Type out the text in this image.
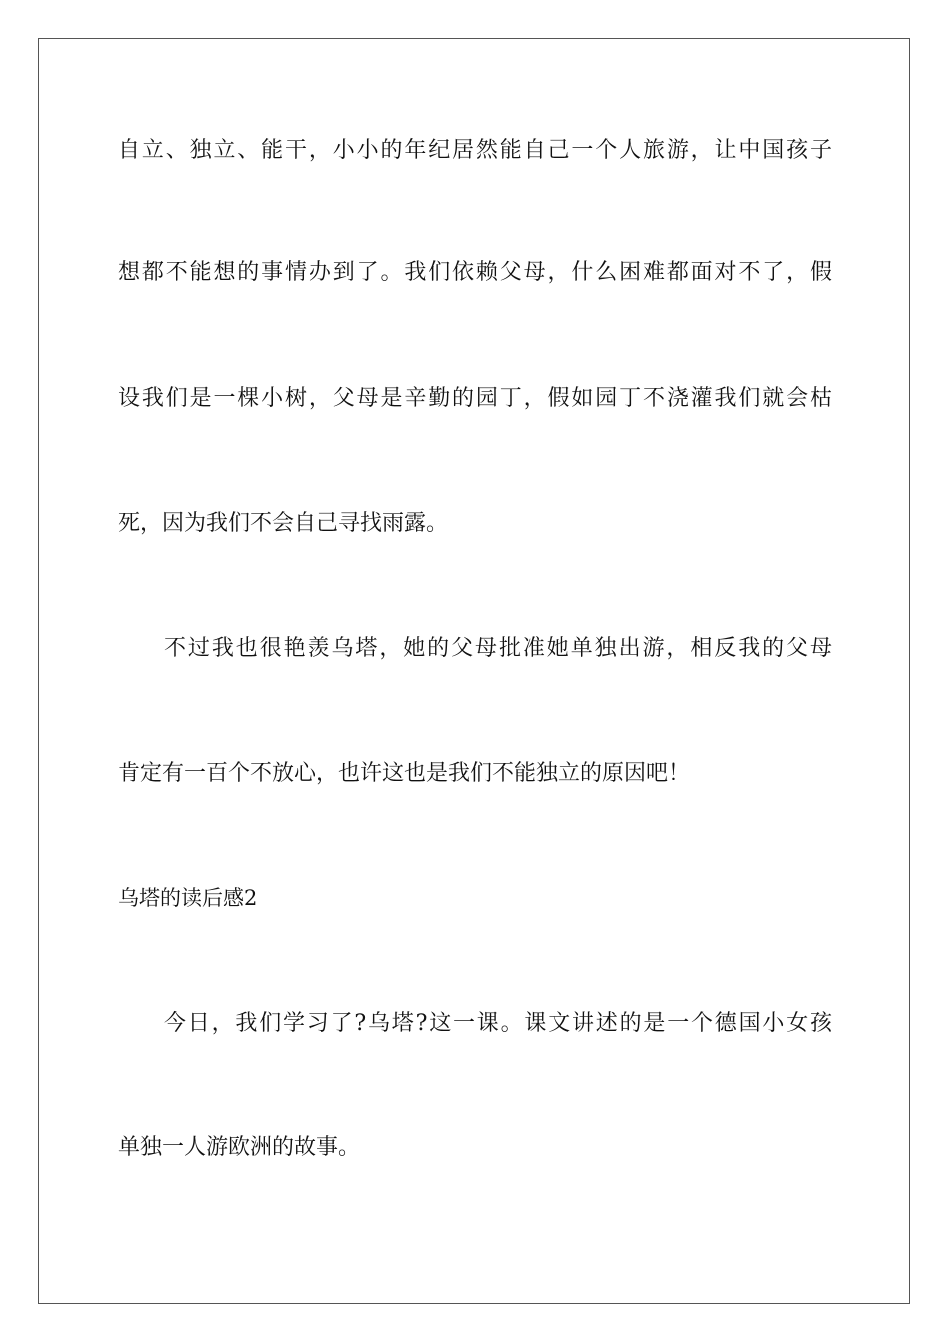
自立、独立、能干，小小的年纪居然能自己一个人旅游，让中国孩子
想都不能想的事情办到了。我们依赖父母，什么困难都面对不了，假
设我们是一棵小树，父母是辛勤的园丁，假如园丁不浇灌我们就会枯
死，因为我们不会自己寻找雨露。
不过我也很艳羡乌塔，她的父母批准她单独出游，相反我的父母
肯定有一百个不放心，也许这也是我们不能独立的原因吧！
乌塔的读后感2
今日，我们学习了?乌塔?这一课。课文讲述的是一个德国小女孩
单独一人游欧洲的故事。
